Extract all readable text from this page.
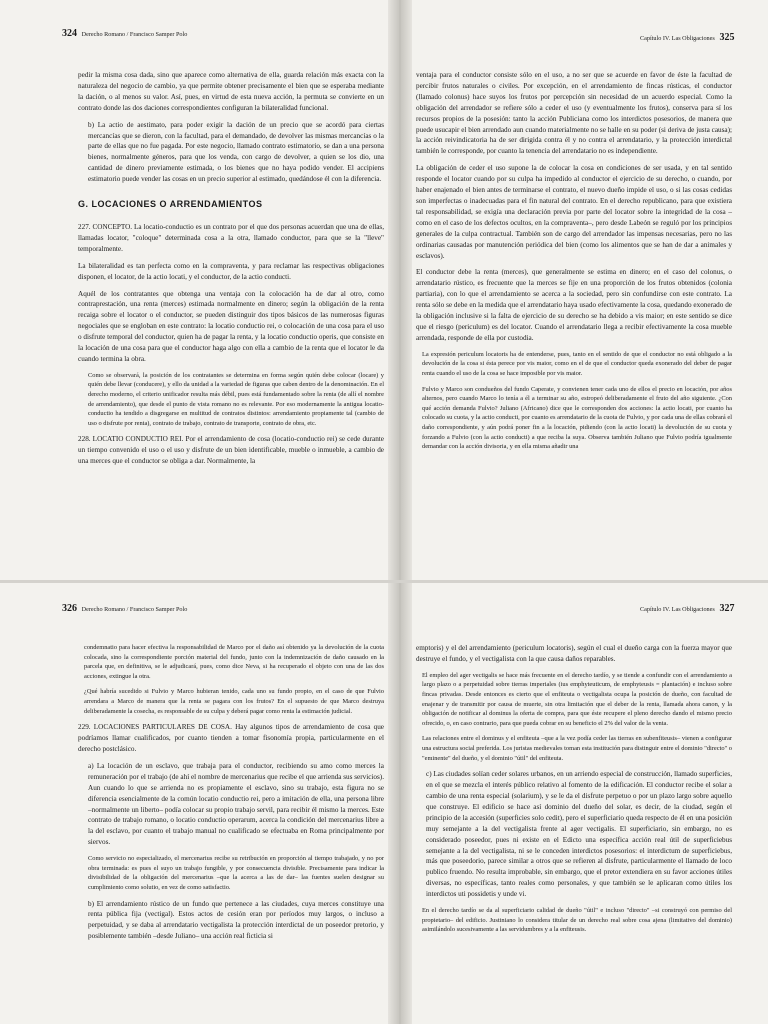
324 Derecho Romano / Francisco Samper Polo
Capítulo IV. Las Obligaciones 325

pedir la misma cosa dada, sino que aparece como alternativa de ella, guarda relación más exacta con la naturaleza del negocio de cambio, ya que permite obtener precisamente el bien que se esperaba mediante la dación, o al menos su valor. Así, pues, en virtud de esta nueva acción, la permuta se convierte en un contrato donde las dos daciones correspondientes configuran la bilateralidad funcional.

b) La actio de aestimato, para poder exigir la dación de un precio que se acordó para ciertas mercancías que se dieron, con la facultad, para el demandado, de devolver las mismas mercancías o la parte de ellas que no fue pagada. Por este negocio, llamado contrato estimatorio, se dan a una persona bienes, normalmente géneros, para que los venda, con cargo de devolver, a quien se los dio, una cantidad de dinero previamente estimada, o los bienes que no haya podido vender. El accipiens estimatorio puede vender las cosas en un precio superior al estimado, quedándose él con la diferencia.

G. LOCACIONES O ARRENDAMIENTOS

227. CONCEPTO. La locatio-conductio es un contrato por el que dos personas acuerdan que una de ellas, llamadas locator, "coloque" determinada cosa a la otra, llamado conductor, para que se la "lleve" temporalmente.

La bilateralidad es tan perfecta como en la compraventa, y para reclamar las respectivas obligaciones disponen, el locator, de la actio locati, y el conductor, de la actio conducti.

Aquél de los contratantes que obtenga una ventaja con la colocación ha de dar al otro, como contraprestación, una renta (merces) estimada normalmente en dinero; según la obligación de la renta recaiga sobre el locator o el conductor, se pueden distinguir dos tipos básicos de las numerosas figuras negociales que se engloban en este contrato: la locatio conductio rei, o colocación de una cosa para el uso o disfrute temporal del conductor, quien ha de pagar la renta, y la locatio conductio operis, que consiste en la locación de una cosa para que el conductor haga algo con ella a cambio de la renta que el locator le da cuando termina la obra.

Como se observará, la posición de los contratantes se determina en forma según quién debe colocar (locare) y quién debe llevar (conducere), y ello da unidad a la variedad de figuras que caben dentro de la denominación. En el derecho moderno, el criterio unificador resulta más débil, pues está fundamentado sobre la renta (de allí el nombre de arrendamiento), que desde el punto de vista romano no es relevante. Por eso modernamente la antigua locatio-conductio ha tendido a disgregarse en multitud de contratos distintos: arrendamiento propiamente tal (cambio de uso o disfrute por renta), contrato de trabajo, contrato de transporte, contrato de obra, etc.

228. LOCATIO CONDUCTIO REI. Por el arrendamiento de cosa (locatio-conductio rei) se cede durante un tiempo convenido el uso o el uso y disfrute de un bien identificable, mueble o inmueble, a cambio de una merces que el conductor se obliga a dar. Normalmente, la

ventaja para el conductor consiste sólo en el uso, a no ser que se acuerde en favor de éste la facultad de percibir frutos naturales o civiles. Por excepción, en el arrendamiento de fincas rústicas, el conductor (llamado colonus) hace suyos los frutos por percepción sin necesidad de un acuerdo especial. Como la obligación del arrendador se refiere sólo a ceder el uso (y eventualmente los frutos), conserva para sí los recursos propios de la posesión: tanto la acción Publiciana como los interdictos posesorios, de manera que puede usucapir el bien arrendado aun cuando materialmente no se halle en su poder (si deriva de justa causa); la acción reivindicatoria ha de ser dirigida contra él y no contra el arrendatario, y la protección interdictal también le corresponde, por cuanto la tenencia del arrendatario no es independiente.

La obligación de ceder el uso supone la de colocar la cosa en condiciones de ser usada, y en tal sentido responde el locator cuando por su culpa ha impedido al conductor el ejercicio de su derecho, o cuando, por haber enajenado el bien antes de terminarse el contrato, el nuevo dueño impide el uso, o si las cosas cedidas son imperfectas o inadecuadas para el fin natural del contrato. En el derecho republicano, para que existiera tal responsabilidad, se exigía una declaración previa por parte del locator sobre la integridad de la cosa –como en el caso de los defectos ocultos, en la compraventa–, pero desde Labeón se reguló por los principios generales de la culpa contractual. También son de cargo del arrendador las impensas necesarias, pero no las ordinarias causadas por manutención periódica del bien (como los alimentos que se han de dar a animales y esclavos).

El conductor debe la renta (merces), que generalmente se estima en dinero; en el caso del colonus, o arrendatario rústico, es frecuente que la merces se fije en una proporción de los frutos obtenidos (colonia partiaria), con lo que el arrendamiento se acerca a la sociedad, pero sin confundirse con este contrato. La renta sólo se debe en la medida que el arrendatario haya usado efectivamente la cosa, quedando exonerado de la obligación inclusive si la falta de ejercicio de su derecho se ha debido a vis maior; en este sentido se dice que el riesgo (periculum) es del locator. Cuando el arrendatario llega a recibir efectivamente la cosa mueble arrendada, responde de ella por custodia.

La expresión periculum locatoris ha de entenderse, pues, tanto en el sentido de que el conductor no está obligado a la devolución de la cosa si ésta perece por vis maior, como en el de que el conductor queda exonerado del deber de pagar renta cuando el uso de la cosa se hace imposible por vis maior.

Fulvio y Marco son condueños del fundo Caperate, y convienen tener cada uno de ellos el precio en locación, por años alternos, pero cuando Marco lo tenía a él a terminar su año, estropeó deliberadamente el fruto del año siguiente. ¿Con qué acción demanda Fulvio? Juliano (Africano) dice que le corresponden dos acciones: la actio locati, por cuanto ha colocado su cuota, y la actio conducti, por cuanto es arrendatario de la cuota de Fulvio, y por cada una de ellas cobrará el daño correspondiente, y aún podrá poner fin a la locación, pidiendo (con la actio locati) la devolución de su cuota y forzando a Fulvio (con la actio conducti) a que reciba la suya. Observa también Juliano que Fulvio podría igualmente demandar con la acción divisoria, y en ella misma añadir una

326 Derecho Romano / Francisco Samper Polo	Capítulo IV. Las Obligaciones 327

condemnatio para hacer efectiva la responsabilidad de Marco por el daño así obtenido ya la devolución de la cuota colocada, sino la correspondiente porción material del fundo, junto con la indemnización de daño causado en la parcela que, en definitiva, se le adjudicará, pues, como dice Neva, si ha recuperado el objeto con una de las dos acciones, extingue la otra.

¿Qué habría sucedido si Fulvio y Marco hubieran tenido, cada uno su fundo propio, en el caso de que Fulvio arrendara a Marco de manera que la renta se pagara con los frutos? En el supuesto de que Marco destruya deliberadamente la cosecha, es responsable de su culpa y deberá pagar como renta la estimación judicial.

229. LOCACIONES PARTICULARES DE COSA. Hay algunos tipos de arrendamiento de cosa que podríamos llamar cualificados, por cuanto tienden a tomar fisonomía propia, particularmente en el derecho postclásico.

a) La locación de un esclavo, que trabaja para el conductor, recibiendo su amo como merces la remuneración por el trabajo (de ahí el nombre de mercenarius que recibe el que arrienda sus servicios). Aun cuando lo que se arrienda no es propiamente el esclavo, sino su trabajo, esta figura no se diferencia esencialmente de la común locatio conductio rei, pero a imitación de ella, una persona libre –normalmente un liberto– podía colocar su propio trabajo servil, para recibir él mismo la merces. Este contrato de trabajo romano, o locatio conductio operarum, acerca la condición del mercenarius libre a la del esclavo, por cuanto el trabajo manual no cualificado se efectuaba en Roma principalmente por siervos.

Como servicio no especializado, el mercenarius recibe su retribución en proporción al tiempo trabajado, y no por obra terminada: es pues el suyo un trabajo fungible, y por consecuencia divisible. Precisamente para indicar la divisibilidad de la obligación del mercenarius –que la acerca a las de dar– las fuentes suelen designar su cumplimiento como solutio, en vez de como satisfactio.

b) El arrendamiento rústico de un fundo que pertenece a las ciudades, cuya merces constituye una renta pública fija (vectigal). Estos actos de cesión eran por períodos muy largos, o incluso a perpetuidad, y se daba al arrendatario vectigalista la protección interdictal de un poseedor pretorio, y posiblemente también –desde Juliano– una acción real ficticia si

emptoris) y el del arrendamiento (periculum locatoris), según el cual el dueño carga con la fuerza mayor que destruye el fundo, y el vectigalista con la que causa daños reparables.

El empleo del ager vectigalis se hace más frecuente en el derecho tardío, y se tiende a confundir con el arrendamiento a largo plazo o a perpetuidad sobre tierras imperiales (ius emphyteuticum, de emphyteusis = plantación) e incluso sobre fincas privadas. Desde entonces es cierto que el enfiteuta o vectigalista ocupa la posición de dueño, con facultad de enajenar y de transmitir por causa de muerte, sin otra limitación que el deber de la renta, llamada ahora canon, y la obligación de notificar al dominus la oferta de compra, para que éste recupere el pleno derecho dando el mismo precio ofrecido, o, en caso contrario, para que pueda cobrar en su beneficio el 2% del valor de la venta.

Las relaciones entre el dominus y el enfiteuta –que a la vez podía ceder las tierras en subenfiteusis– vienen a configurar una estructura social preferida. Los juristas medievales toman esta institución para distinguir entre el dominio "directo" o "eminente" del dueño, y el dominio "útil" del enfiteuta.

c) Las ciudades solían ceder solares urbanos, en un arriendo especial de construcción, llamado superficies, en el que se mezcla el interés público relativo al fomento de la edificación. El conductor recibe el solar a cambio de una renta especial (solarium), y se le da el disfrute perpetuo o por un plazo largo sobre aquello que construye. El edificio se hace así dominio del dueño del solar, es decir, de la ciudad, según el principio de la accesión (superficies solo cedit), pero el superficiario queda respecto de él en una posición muy semejante a la del vectigalista frente al ager vectigalis. El superficiario, sin embargo, no es considerado poseedor, pues ni existe en el Edicto una específica acción real útil de superficiebus semejante a la del vectigalista, ni se le conceden interdictos posesorios: el interdictum de superficiebus, más que poseedorio, parece similar a otros que se refieren al disfrute, particularmente el llamado de loco publico fruendo. No resulta improbable, sin embargo, que el pretor extendiera en su favor acciones útiles diversas, no específicas, tanto reales como personales, y que también se le aplicaran como útiles los interdictos uti possidetis y unde vi.

En el derecho tardío se da al superficiario calidad de dueño "útil" e incluso "directo" –si construyó con permiso del propietario– del edificio. Justiniano lo considera titular de un derecho real sobre cosa ajena (limitativo del dominio) asimilándolo sucesivamente a las servidumbres y a la enfiteusis.
